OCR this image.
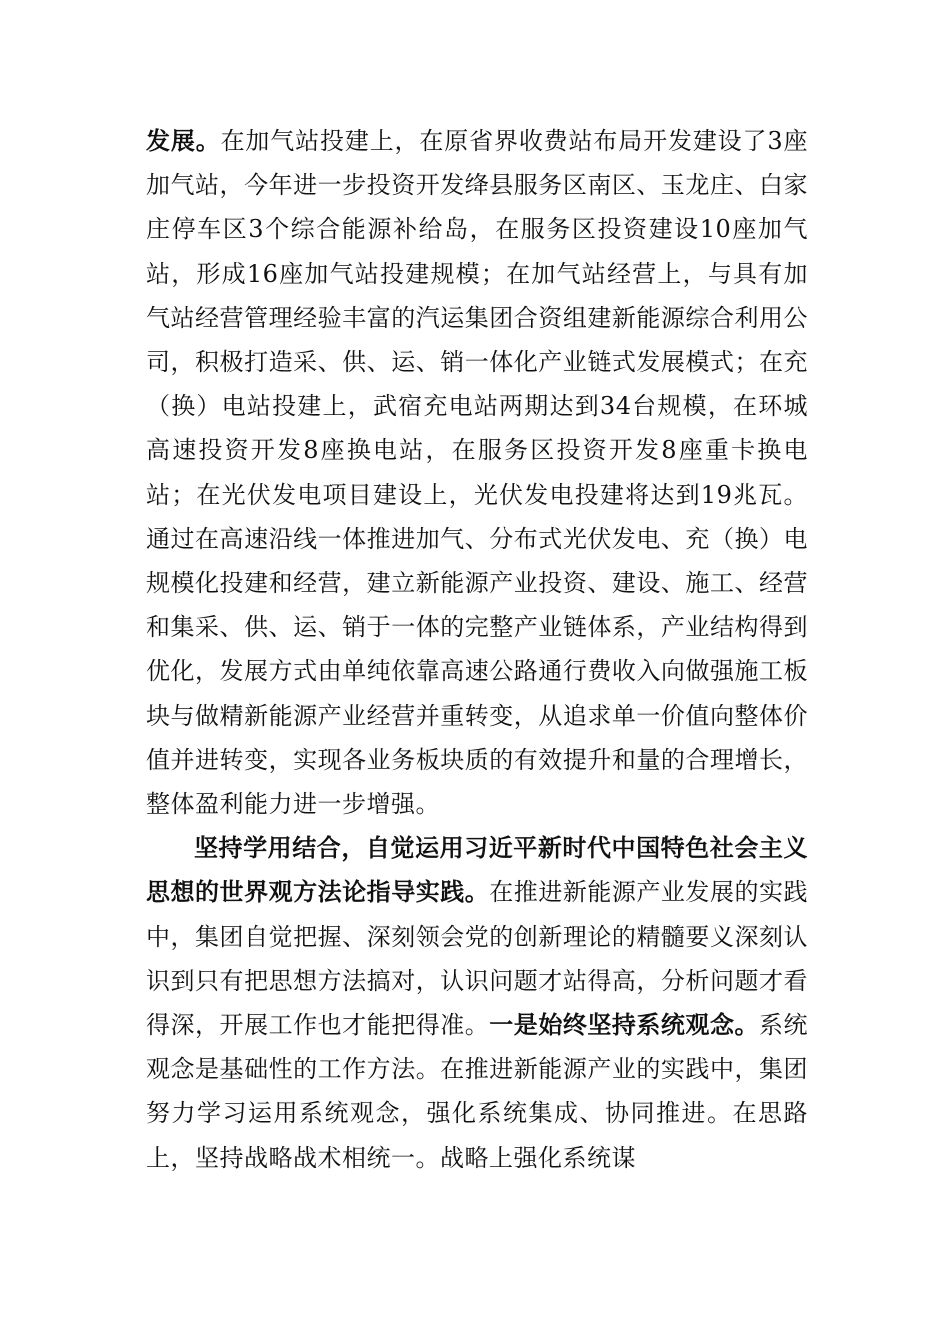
发展。在加气站投建上，在原省界收费站布局开发建设了3座加气站，今年进一步投资开发绛县服务区南区、玉龙庄、白家庄停车区3个综合能源补给岛，在服务区投资建设10座加气站，形成16座加气站投建规模；在加气站经营上，与具有加气站经营管理经验丰富的汽运集团合资组建新能源综合利用公司，积极打造采、供、运、销一体化产业链式发展模式；在充（换）电站投建上，武宿充电站两期达到34台规模，在环城高速投资开发8座换电站，在服务区投资开发8座重卡换电站；在光伏发电项目建设上，光伏发电投建将达到19兆瓦。通过在高速沿线一体推进加气、分布式光伏发电、充（换）电规模化投建和经营，建立新能源产业投资、建设、施工、经营和集采、供、运、销于一体的完整产业链体系，产业结构得到优化，发展方式由单纯依靠高速公路通行费收入向做强施工板块与做精新能源产业经营并重转变，从追求单一价值向整体价值并进转变，实现各业务板块质的有效提升和量的合理增长，整体盈利能力进一步增强。

坚持学用结合，自觉运用习近平新时代中国特色社会主义思想的世界观方法论指导实践。在推进新能源产业发展的实践中，集团自觉把握、深刻领会党的创新理论的精髓要义深刻认识到只有把思想方法搞对，认识问题才站得高，分析问题才看得深，开展工作也才能把得准。一是始终坚持系统观念。系统观念是基础性的工作方法。在推进新能源产业的实践中，集团努力学习运用系统观念，强化系统集成、协同推进。在思路上，坚持战略战术相统一。战略上强化系统谋
